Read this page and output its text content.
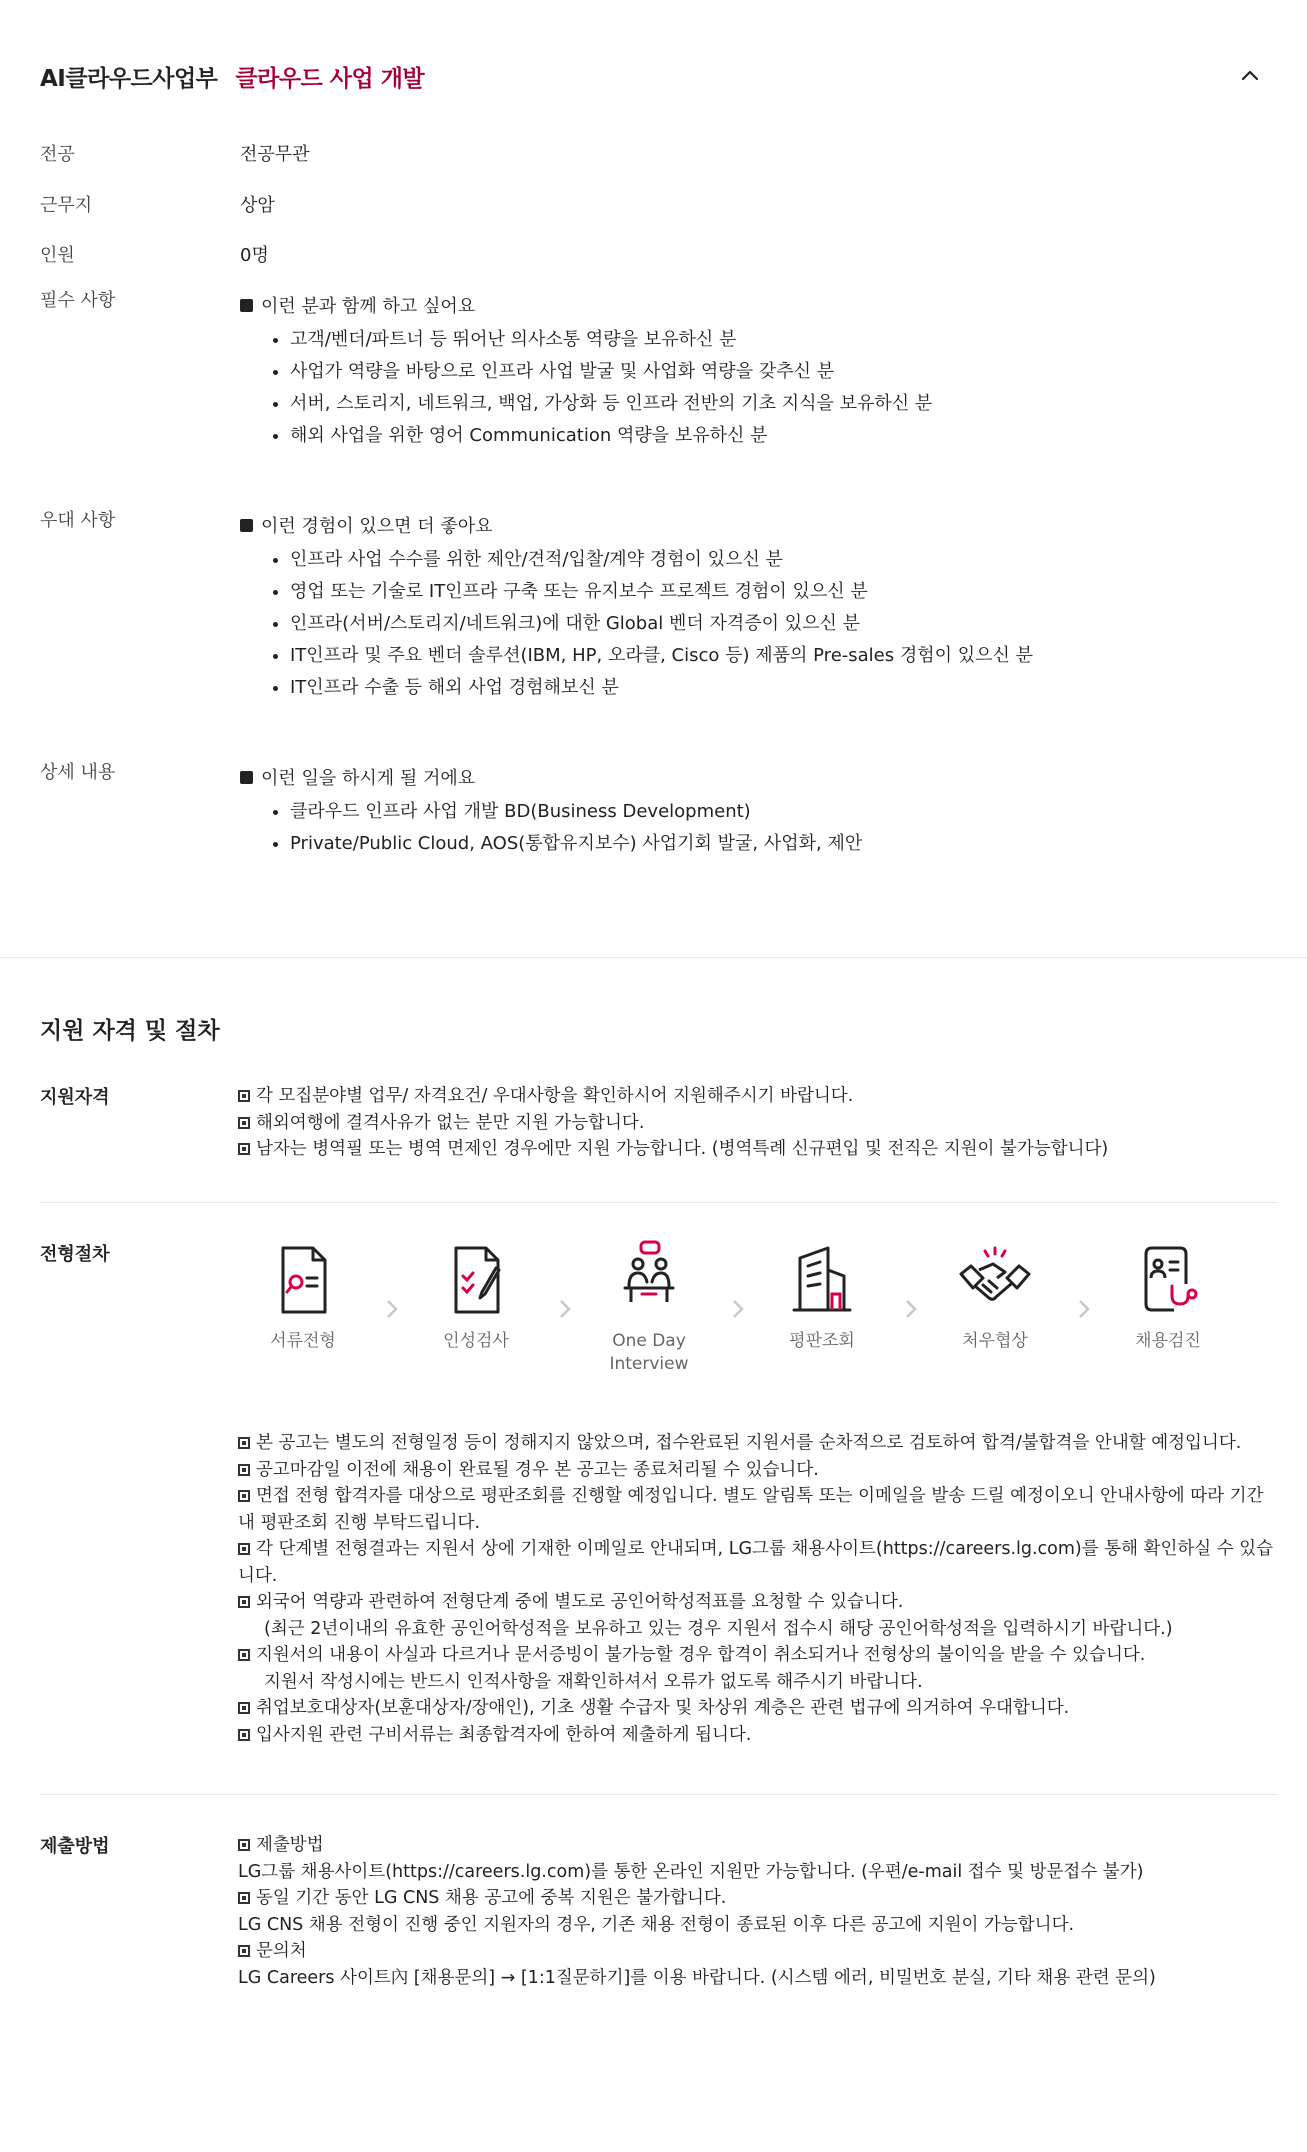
AI클라우드사업부 클라우드 사업 개발
전공	전공무관
근무지	상암
인원	0명
필수 사항	이런 분과 함께 하고 싶어요
• 고객/벤더/파트너 등 뛰어난 의사소통 역량을 보유하신 분
• 사업가 역량을 바탕으로 인프라 사업 발굴 및 사업화 역량을 갖추신 분
• 서버, 스토리지, 네트워크, 백업, 가상화 등 인프라 전반의 기초 지식을 보유하신 분
• 해외 사업을 위한 영어 Communication 역량을 보유하신 분
우대 사항	이런 경험이 있으면 더 좋아요
• 인프라 사업 수수를 위한 제안/견적/입찰/계약 경험이 있으신 분
• 영업 또는 기술로 IT인프라 구축 또는 유지보수 프로젝트 경험이 있으신 분
• 인프라(서버/스토리지/네트워크)에 대한 Global 벤더 자격증이 있으신 분
• IT인프라 및 주요 벤더 솔루션(IBM, HP, 오라클, Cisco 등) 제품의 Pre-sales 경험이 있으신 분
• IT인프라 수출 등 해외 사업 경험해보신 분
상세 내용	이런 일을 하시게 될 거에요
• 클라우드 인프라 사업 개발 BD(Business Development)
• Private/Public Cloud, AOS(통합유지보수) 사업기회 발굴, 사업화, 제안
지원 자격 및 절차
지원자격	각 모집분야별 업무/ 자격요건/ 우대사항을 확인하시어 지원해주시기 바랍니다.

해외여행에 결격사유가 없는 분만 지원 가능합니다.

남자는 병역필 또는 병역 면제인 경우에만 지원 가능합니다. (병역특례 신규편입 및 전직은 지원이 불가능합니다)

전형절차
서류전형	인성검사	One Day Interview
평판조회	처우협상	채용검진

본 공고는 별도의 전형일정 등이 정해지지 않았으며, 접수완료된 지원서를 순차적으로 검토하여 합격/불합격을 안내할 예정입니다.

공고마감일 이전에 채용이 완료될 경우 본 공고는 종료처리될 수 있습니다.

면접 전형 합격자를 대상으로 평판조회를 진행할 예정입니다. 별도 알림톡 또는 이메일을 발송 드릴 예정이오니 안내사항에 따라 기간 내 평판조회 진행 부탁드립니다.

각 단계별 전형결과는 지원서 상에 기재한 이메일로 안내되며, LG그룹 채용사이트(https://careers.lg.com)를 통해 확인하실 수 있습니다.

외국어 역량과 관련하여 전형단계 중에 별도로 공인어학성적표를 요청할 수 있습니다.

(최근 2년이내의 유효한 공인어학성적을 보유하고 있는 경우 지원서 접수시 해당 공인어학성적을 입력하시기 바랍니다.)

지원서의 내용이 사실과 다르거나 문서증빙이 불가능할 경우 합격이 취소되거나 전형상의 불이익을 받을 수 있습니다.

지원서 작성시에는 반드시 인적사항을 재확인하셔서 오류가 없도록 해주시기 바랍니다.

취업보호대상자(보훈대상자/장애인), 기초 생활 수급자 및 차상위 계층은 관련 법규에 의거하여 우대합니다.

입사지원 관련 구비서류는 최종합격자에 한하여 제출하게 됩니다.

제출방법	제출방법

LG그룹 채용사이트(https://careers.lg.com)를 통한 온라인 지원만 가능합니다. (우편/e-mail 접수 및 방문접수 불가)

동일 기간 동안 LG CNS 채용 공고에 중복 지원은 불가합니다.

LG CNS 채용 전형이 진행 중인 지원자의 경우, 기존 채용 전형이 종료된 이후 다른 공고에 지원이 가능합니다.

문의처

LG Careers 사이트內 [채용문의] → [1:1질문하기]를 이용 바랍니다. (시스템 에러, 비밀번호 분실, 기타 채용 관련 문의)
